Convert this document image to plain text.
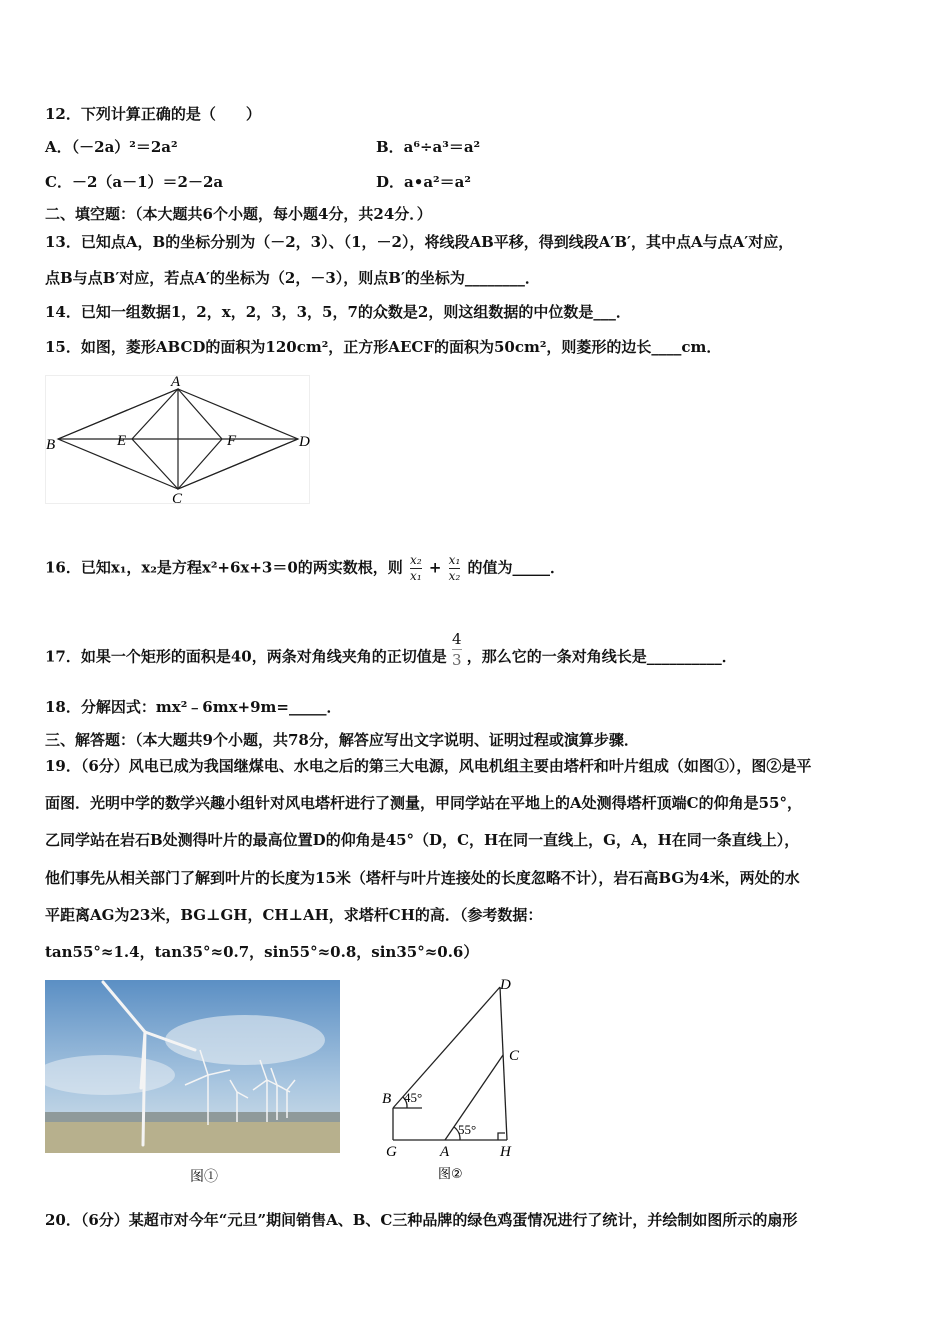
12．下列计算正确的是（　　）
A．（－2a）²＝2a²	B．a⁶÷a³＝a²
C．－2（a－1）＝2－2a	D．a•a²＝a²
二、填空题：（本大题共6个小题，每小题4分，共24分．）
13．已知点A，B的坐标分别为（－2，3）、（1，－2），将线段AB平移，得到线段A′B′，其中点A与点A′对应，
点B与点B′对应，若点A′的坐标为（2，－3），则点B′的坐标为________．
14．已知一组数据1，2，x，2，3，3，5，7的众数是2，则这组数据的中位数是___．
15．如图，菱形ABCD的面积为120cm²，正方形AECF的面积为50cm²，则菱形的边长____cm．
A
B
C
D
E	F
16．已知x₁，x₂是方程x²+6x+3＝0的两实数根，则 $\frac{\text{x₂}}{\text{x₁}} + \frac{\text{x₁}}{\text{x₂}}$ 的值为_____．
17．如果一个矩形的面积是40，两条对角线夹角的正切值是 $\frac{4}{3}$ ，那么它的一条对角线长是__________．
18．分解因式：mx²﹣6mx+9m=_____．
三、解答题：（本大题共9个小题，共78分，解答应写出文字说明、证明过程或演算步骤．
19．（6分）风电已成为我国继煤电、水电之后的第三大电源，风电机组主要由塔杆和叶片组成（如图①），图②是平
面图．光明中学的数学兴趣小组针对风电塔杆进行了测量，甲同学站在平地上的A处测得塔杆顶端C的仰角是55°，
乙同学站在岩石B处测得叶片的最高位置D的仰角是45°（D，C，H在同一直线上，G，A，H在同一条直线上），
他们事先从相关部门了解到叶片的长度为15米（塔杆与叶片连接处的长度忽略不计），岩石高BG为4米，两处的水
平距离AG为23米，BG⊥GH，CH⊥AH，求塔杆CH的高．（参考数据：
tan55°≈1.4，tan35°≈0.7，sin55°≈0.8，sin35°≈0.6）
图①
D
C
B
G	A	H
45°
55°
图②
20．（6分）某超市对今年“元旦”期间销售A、B、C三种品牌的绿色鸡蛋情况进行了统计，并绘制如图所示的扇形
